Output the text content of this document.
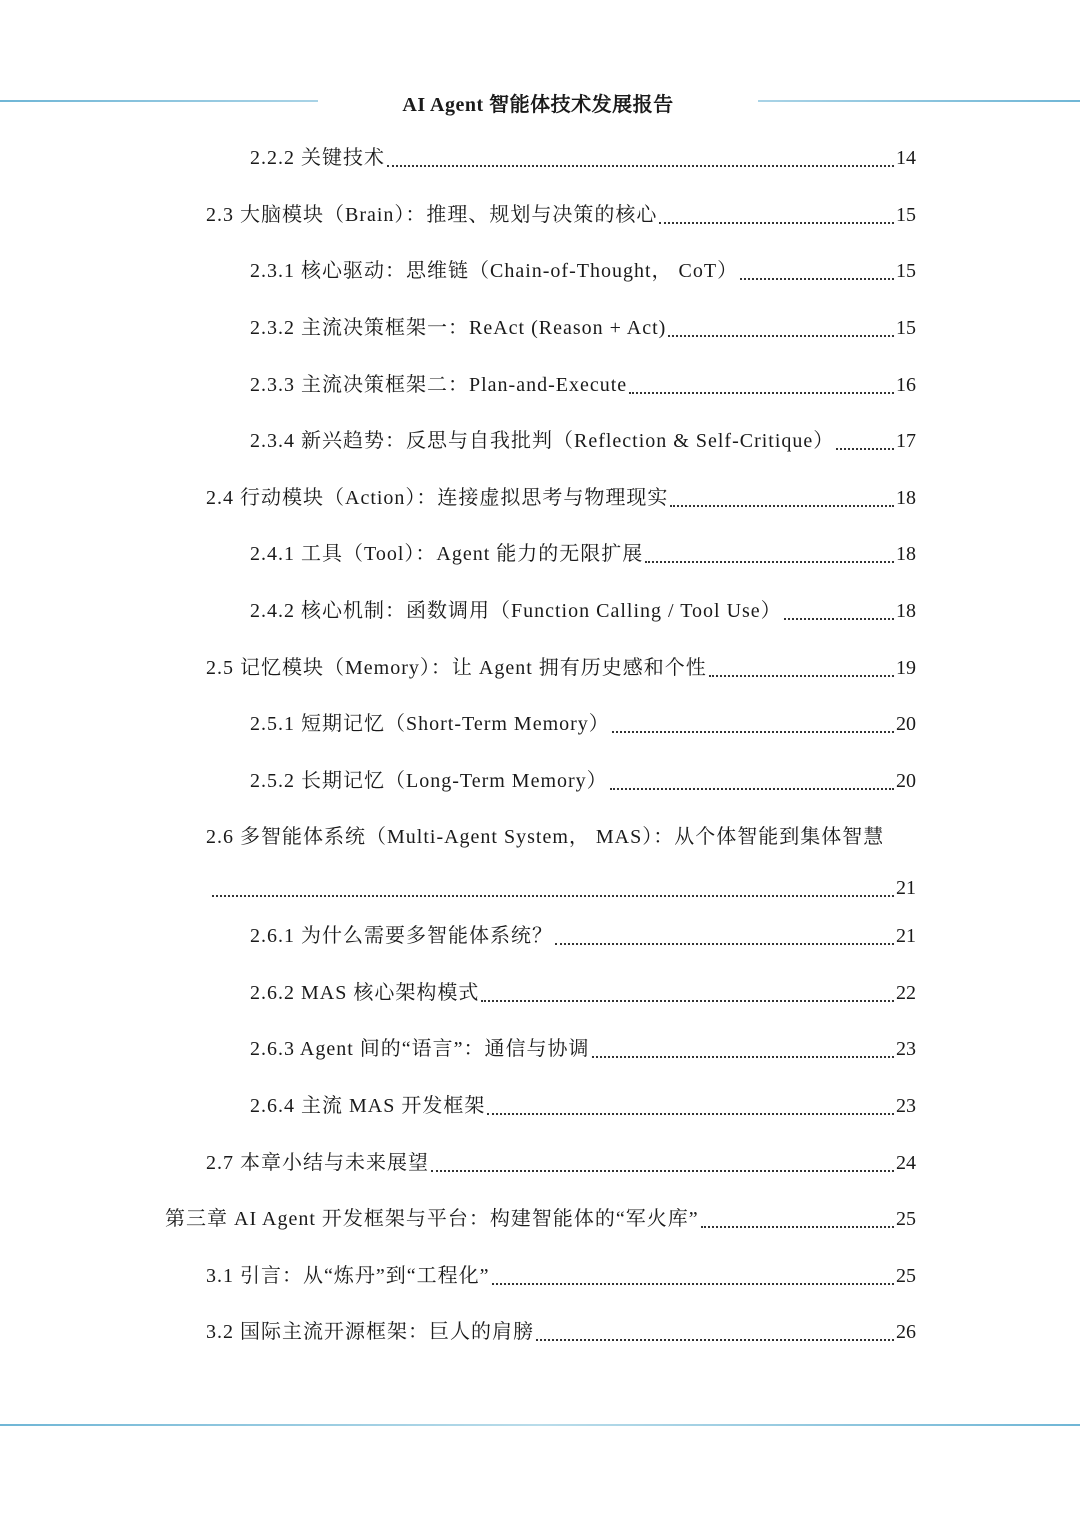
AI Agent 智能体技术发展报告
2.2.2 关键技术	14
2.3 大脑模块（Brain）：推理、规划与决策的核心	15
2.3.1 核心驱动：思维链（Chain-of-Thought， CoT）	15
2.3.2 主流决策框架一：ReAct (Reason + Act)	15
2.3.3 主流决策框架二：Plan-and-Execute	16
2.3.4 新兴趋势：反思与自我批判（Reflection & Self-Critique）	17
2.4 行动模块（Action）：连接虚拟思考与物理现实	18
2.4.1 工具（Tool）：Agent 能力的无限扩展	18
2.4.2 核心机制：函数调用（Function Calling / Tool Use）	18
2.5 记忆模块（Memory）：让 Agent 拥有历史感和个性	19
2.5.1 短期记忆（Short-Term Memory）	20
2.5.2 长期记忆（Long-Term Memory）	20
2.6 多智能体系统（Multi-Agent System， MAS）：从个体智能到集体智慧
21
2.6.1 为什么需要多智能体系统？	21
2.6.2 MAS 核心架构模式	22
2.6.3 Agent 间的“语言”：通信与协调	23
2.6.4 主流 MAS 开发框架	23
2.7 本章小结与未来展望	24
第三章 AI Agent 开发框架与平台：构建智能体的“军火库”	25
3.1 引言：从“炼丹”到“工程化”	25
3.2 国际主流开源框架：巨人的肩膀	26
